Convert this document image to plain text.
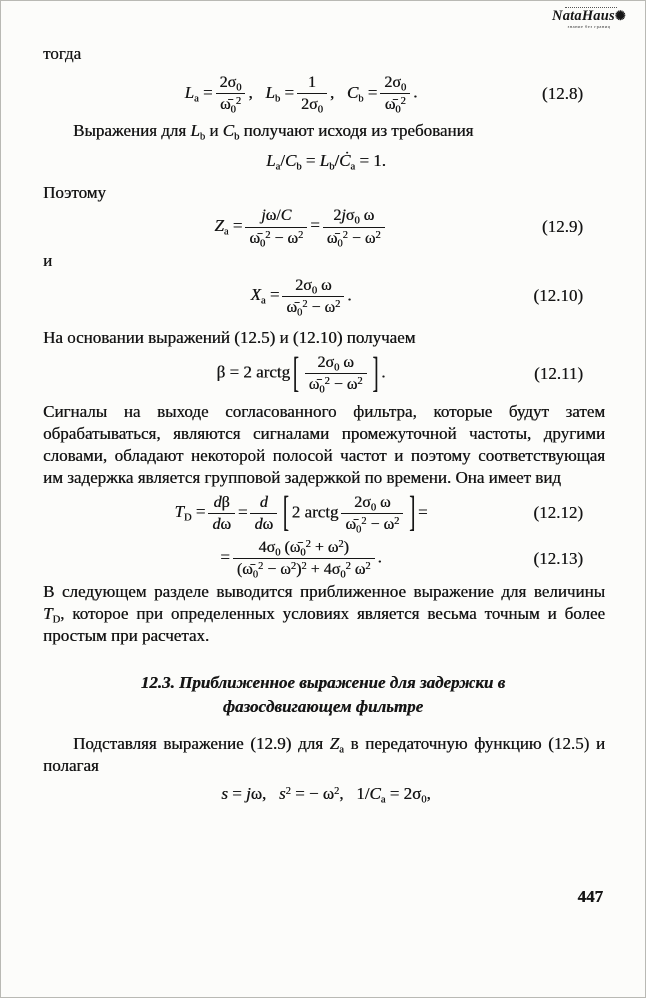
NataHaus✺
знание без границ

тогда

$L_a = \frac{2\sigma_0}{\omegā_0^2}$ ,   $L_b = \frac{1}{2\sigma_0}$ ,   $C_b = \frac{2\sigma_0}{\omegā_0^2}$ .	(12.8)

Выражения для $L_b$ и $C_b$ получают исходя из требования

$L_a/C_b$ = $L_b/Ċ_a = 1$.

Поэтому

$Z_a = \frac{j\omega/C}{\omegā_0^2 - \omega^2} = \frac{2j\sigma_0 \omega}{\omegā_0^2 - \omega^2}$	(12.9)

и

$X_a = \frac{2\sigma_0 \omega}{\omegā_0^2 - \omega^2}$ .	(12.10)

На основании выражений (12.5) и (12.10) получаем

β = 2 arctg [ $\frac{2\sigma_0 \omega}{\omegā_0^2 - \omega^2}$ ] .	(12.11)

Сигналы на выходе согласованного фильтра, которые будут затем обрабатываться, являются сигналами промежуточной частоты, другими словами, обладают некоторой полосой частот и поэтому соответствующая им задержка является групповой задержкой по времени. Она имеет вид

$T_D = \frac{d\beta}{d\omega} = \frac{d}{d\omega}$ [ 2 arctg $\frac{2\sigma_0 \omega}{\omegā_0^2 - \omega^2}$ ] =	(12.12)
= $\frac{4\sigma_0 (\omegā_0^2 + \omega^2)}{(\omegā_0^2 - \omega^2)^2 + 4\sigma_0^2 \omega^2}$ .	(12.13)

В следующем разделе выводится приближенное выражение для величины $T_D$, которое при определенных условиях является весьма точным и более простым при расчетах.

12.3. Приближенное выражение для задержки в
фазосдвигающем фильтре

Подставляя выражение (12.9) для $Z_a$ в передаточную функцию (12.5) и полагая

s = jω,   $s^2$ = − $\omega^2$,   $1/C_a = 2\sigma_0$,
447
